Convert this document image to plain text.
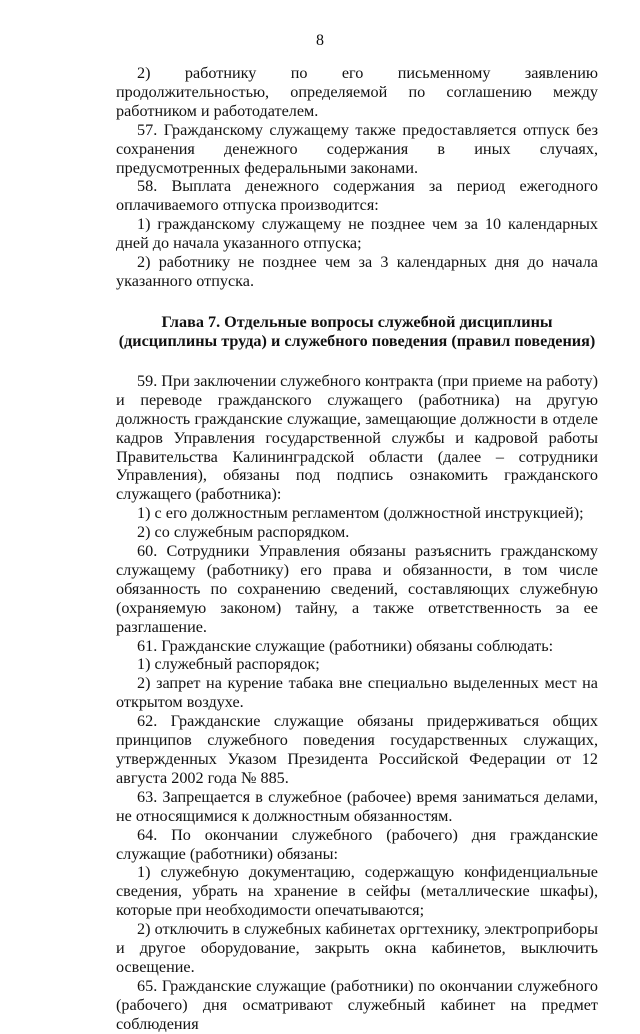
8

2) работнику по его письменному заявлению продолжительностью, определяемой по соглашению между работником и работодателем.

57. Гражданскому служащему также предоставляется отпуск без сохранения денежного содержания в иных случаях, предусмотренных федеральными законами.

58. Выплата денежного содержания за период ежегодного оплачиваемого отпуска производится:

1) гражданскому служащему не позднее чем за 10 календарных дней до начала указанного отпуска;

2) работнику не позднее чем за 3 календарных дня до начала указанного отпуска.

Глава 7. Отдельные вопросы служебной дисциплины
(дисциплины труда) и служебного поведения (правил поведения)

59. При заключении служебного контракта (при приеме на работу) и переводе гражданского служащего (работника) на другую должность гражданские служащие, замещающие должности в отделе кадров Управления государственной службы и кадровой работы Правительства Калининградской области (далее – сотрудники Управления), обязаны под подпись ознакомить гражданского служащего (работника):

1) с его должностным регламентом (должностной инструкцией);

2) со служебным распорядком.

60. Сотрудники Управления обязаны разъяснить гражданскому служащему (работнику) его права и обязанности, в том числе обязанность по сохранению сведений, составляющих служебную (охраняемую законом) тайну, а также ответственность за ее разглашение.

61. Гражданские служащие (работники) обязаны соблюдать:

1) служебный распорядок;

2) запрет на курение табака вне специально выделенных мест на открытом воздухе.

62. Гражданские служащие обязаны придерживаться общих принципов служебного поведения государственных служащих, утвержденных Указом Президента Российской Федерации от 12 августа 2002 года № 885.

63. Запрещается в служебное (рабочее) время заниматься делами, не относящимися к должностным обязанностям.

64. По окончании служебного (рабочего) дня гражданские служащие (работники) обязаны:

1) служебную документацию, содержащую конфиденциальные сведения, убрать на хранение в сейфы (металлические шкафы), которые при необходимости опечатываются;

2) отключить в служебных кабинетах оргтехнику, электроприборы и другое оборудование, закрыть окна кабинетов, выключить освещение.

65. Гражданские служащие (работники) по окончании служебного (рабочего) дня осматривают служебный кабинет на предмет соблюдения
